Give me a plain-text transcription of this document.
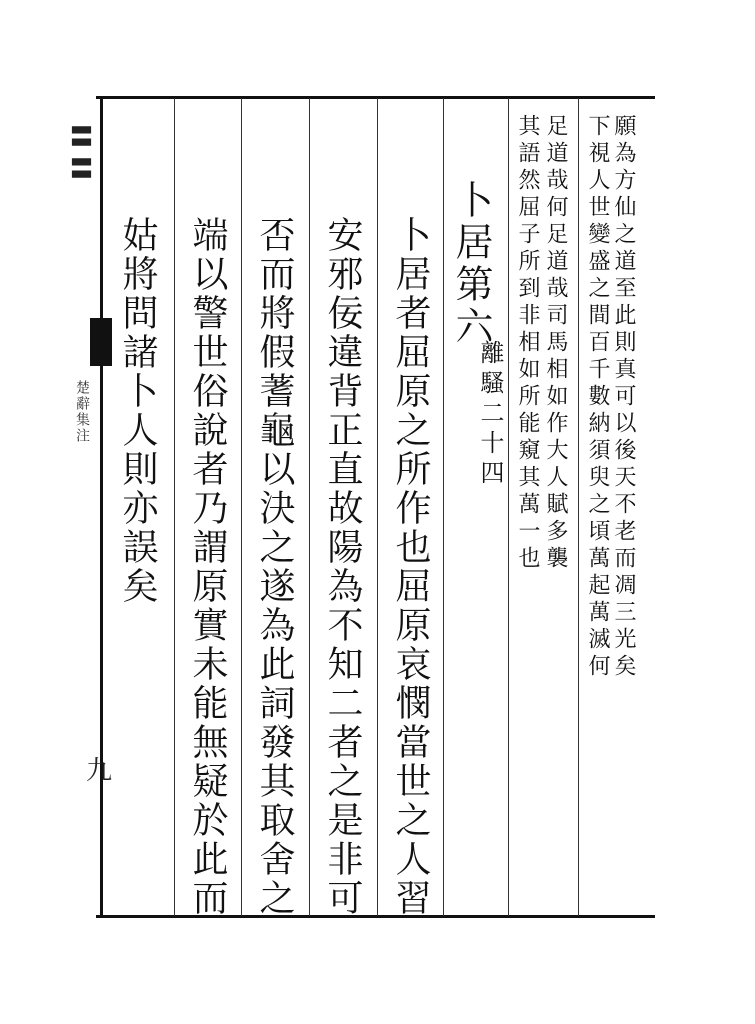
〓〓
楚辭集注
九
願為方仙之道至此則真可以後天不老而凋三光矣
下視人世變盛之間百千數納須臾之頃萬起萬滅何
足道哉何足道哉司馬相如作大人賦多襲
其語然屈子所到非相如所能窺其萬一也
卜居第六
離騷二十四
卜居者屈原之所作也屈原哀憫當世之人習
安邪佞違背正直故陽為不知二者之是非可
否而將假蓍龜以決之遂為此詞發其取舍之
端以警世俗說者乃謂原實未能無疑於此而
姑將問諸卜人則亦誤矣
